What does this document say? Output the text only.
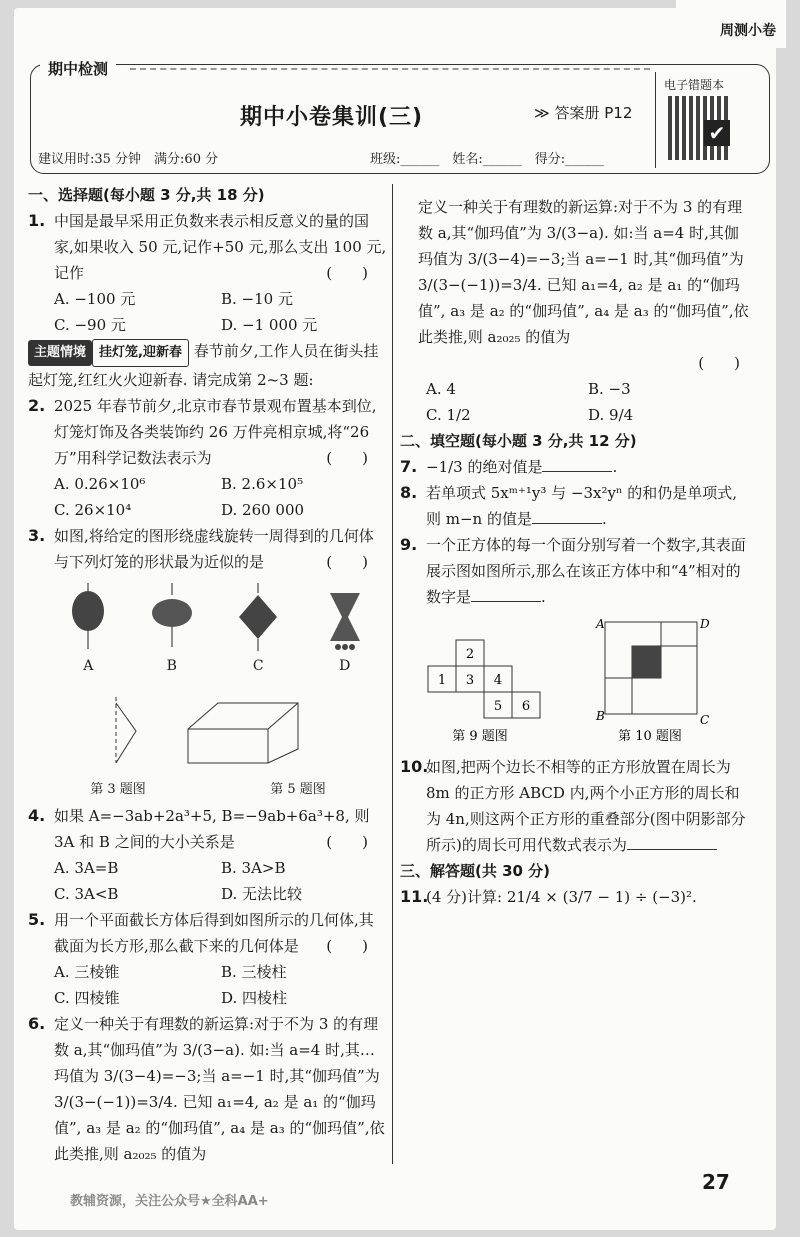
周测小卷
期中检测
期中小卷集训(三)	≫ 答案册 P12
电子错题本
✔
建议用时:35 分钟　满分:60 分	班级:______　姓名:______　得分:______
一、选择题(每小题 3 分,共 18 分)
1. 中国是最早采用正负数来表示相反意义的量的国家,如果收入 50 元,记作+50 元,那么支出 100 元,记作	(　　)
A. −100 元	B. −10 元
C. −90 元	D. −1 000 元
主题情境 挂灯笼,迎新春 春节前夕,工作人员在街头挂起灯笼,红红火火迎新春. 请完成第 2~3 题:
2. 2025 年春节前夕,北京市春节景观布置基本到位,灯笼灯饰及各类装饰约 26 万件亮相京城,将“26 万”用科学记数法表示为	(　　)
A. 0.26×10⁶	B. 2.6×10⁵
C. 26×10⁴	D. 260 000
3. 如图,将给定的图形绕虚线旋转一周得到的几何体与下列灯笼的形状最为近似的是	(　　)
A	B	C	D
第 3 题图	第 5 题图
4. 如果 A=−3ab+2a³+5, B=−9ab+6a³+8, 则 3A 和 B 之间的大小关系是	(　　)
A. 3A=B	B. 3A>B
C. 3A<B	D. 无法比较
5. 用一个平面截长方体后得到如图所示的几何体,其截面为长方形,那么截下来的几何体是 (　　)
A. 三棱锥	B. 三棱柱
C. 四棱锥	D. 四棱柱
6. 定义一种关于有理数的新运算:对于不为 3 的有理数 a,其“伽玛值”为 3/(3−a). 如:当 a=4 时,其伽玛值为 3/(3−4)=−3;当 a=−1 时,其“伽玛值”为 3/(3−(−1))=3/4. 已知 a₁=4, a₂ 是 a₁ 的“伽玛值”, a₃ 是 a₂ 的“伽玛值”, a₄ 是 a₃ 的“伽玛值”,依此类推,则 a₂₀₂₅ 的值为
定义一种关于有理数的新运算:对于不为 3 的有理数 a,其“伽玛值”为 3/(3−a). 如:当 a=4 时,其伽玛值为 3/(3−4)=−3;当 a=−1 时,其“伽玛值”为 3/(3−(−1))=3/4. 已知 a₁=4, a₂ 是 a₁ 的“伽玛值”, a₃ 是 a₂ 的“伽玛值”, a₄ 是 a₃ 的“伽玛值”,依此类推,则 a₂₀₂₅ 的值为
(　　)
A. 4	B. −3
C. 1/2	D. 9/4
二、填空题(每小题 3 分,共 12 分)
7. −1/3 的绝对值是	.
8. 若单项式 5xᵐ⁺¹y³ 与 −3x²yⁿ 的和仍是单项式,则 m−n 的值是	.
9. 一个正方体的每一个面分别写着一个数字,其表面展示图如图所示,那么在该正方体中和“4”相对的数字是	.
2
1 3 4
5 6
A	D
B	C
第 9 题图	第 10 题图
10.
如图,把两个边长不相等的正方形放置在周长为 8m 的正方形 ABCD 内,两个小正方形的周长和为 4n,则这两个正方形的重叠部分(图中阴影部分所示)的周长可用代数式表示为
三、解答题(共 30 分)
11.
(4 分)计算: 21/4 × (3/7 − 1) ÷ (−3)².
27
教辅资源，关注公众号★全科AA+
